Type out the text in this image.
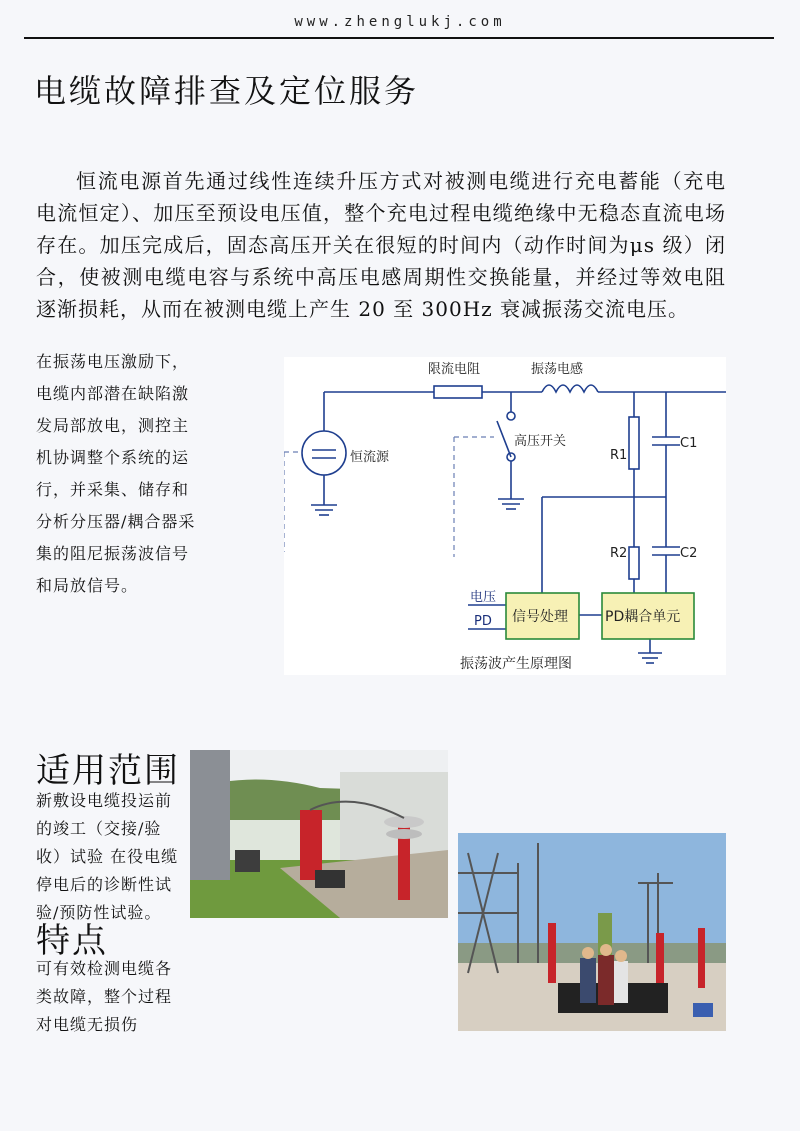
www.zhenglukj.com
电缆故障排查及定位服务

恒流电源首先通过线性连续升压方式对被测电缆进行充电蓄能（充电电流恒定）、加压至预设电压值，整个充电过程电缆绝缘中无稳态直流电场存在。加压完成后，固态高压开关在很短的时间内（动作时间为μs 级）闭合，使被测电缆电容与系统中高压电感周期性交换能量，并经过等效电阻逐渐损耗，从而在被测电缆上产生 20 至 300Hz 衰减振荡交流电压。

在振荡电压激励下，电缆内部潜在缺陷激发局部放电，测控主机协调整个系统的运行，并采集、储存和分析分压器/耦合器采集的阻尼振荡波信号和局放信号。
限流电阻	振荡电感
高压开关
恒流源	R1
C1
R2	C2
电压
PD 信号处理	PD耦合单元
振荡波产生原理图
适用范围
新敷设电缆投运前的竣工（交接/验收）试验 在役电缆停电后的诊断性试验/预防性试验。
特点
可有效检测电缆各类故障，整个过程对电缆无损伤
